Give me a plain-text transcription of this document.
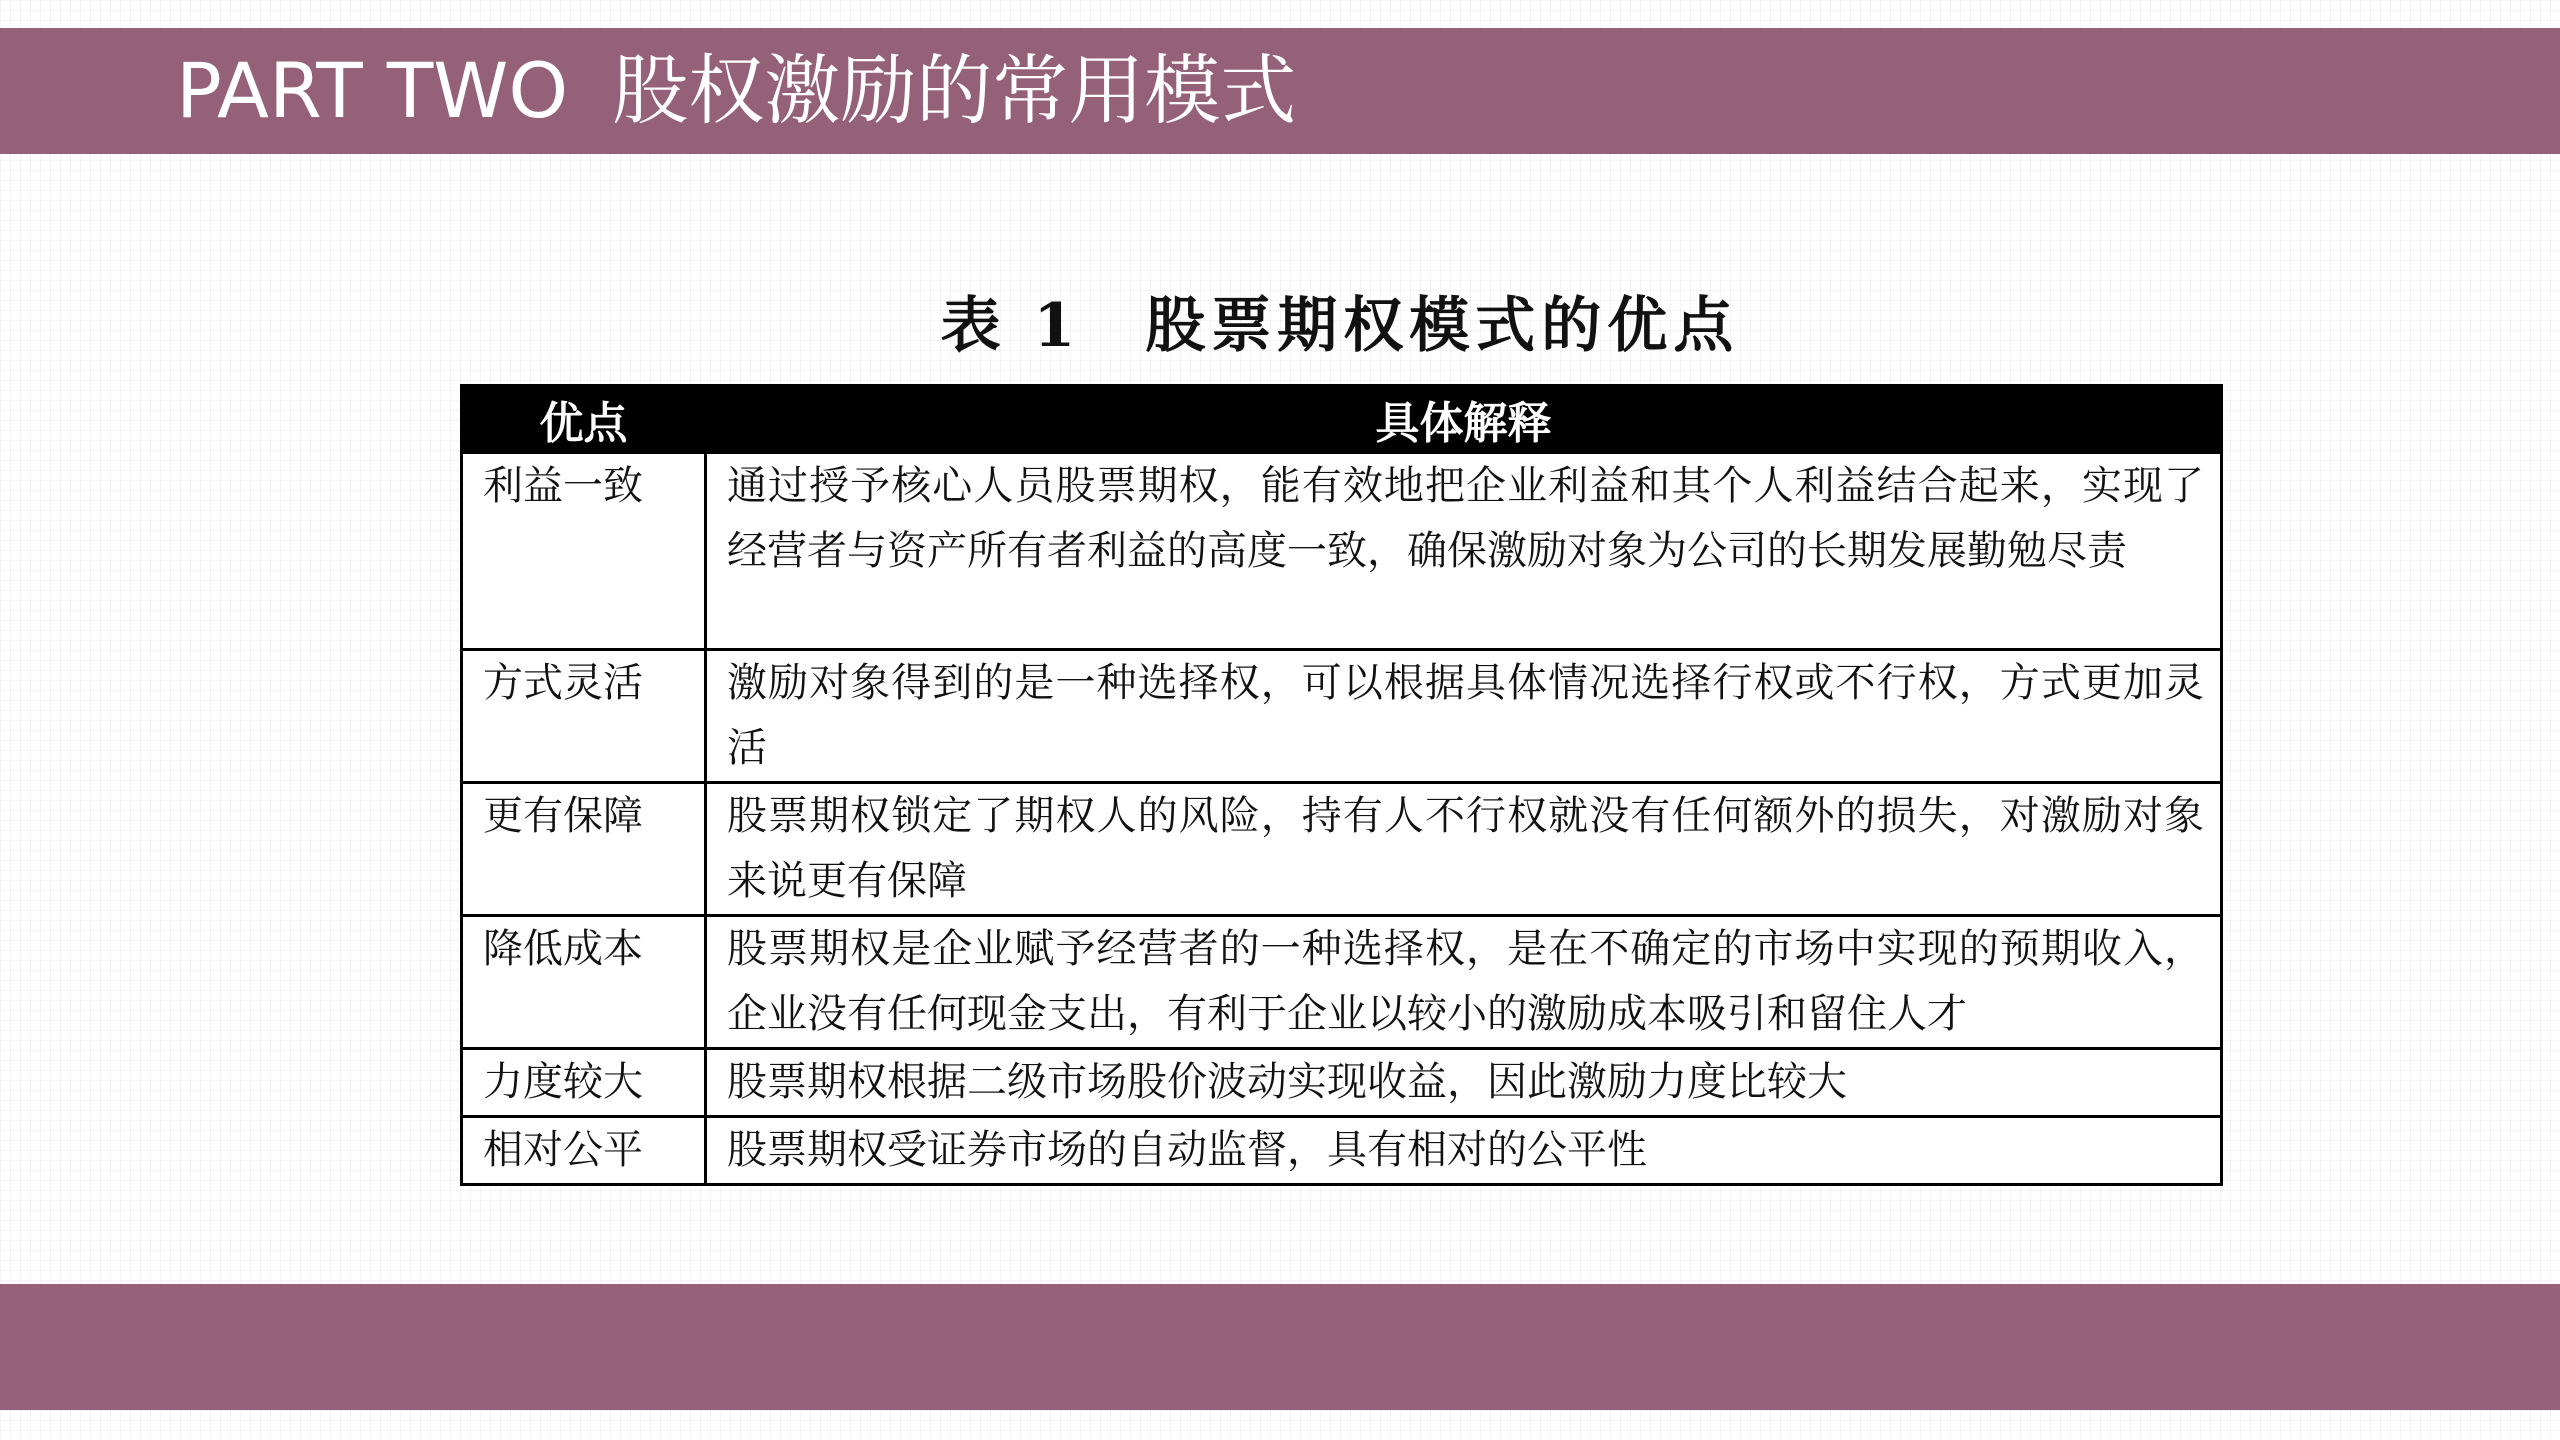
PART TWO 股权激励的常用模式
表 1 股票期权模式的优点
优点	具体解释
利益一致	通过授予核心人员股票期权，能有效地把企业利益和其个人利益结合起来，实现了经营者与资产所有者利益的高度一致，确保激励对象为公司的长期发展勤勉尽责
方式灵活	激励对象得到的是一种选择权，可以根据具体情况选择行权或不行权，方式更加灵活
更有保障	股票期权锁定了期权人的风险，持有人不行权就没有任何额外的损失，对激励对象来说更有保障
降低成本	股票期权是企业赋予经营者的一种选择权，是在不确定的市场中实现的预期收入，企业没有任何现金支出，有利于企业以较小的激励成本吸引和留住人才
力度较大	股票期权根据二级市场股价波动实现收益，因此激励力度比较大
相对公平	股票期权受证券市场的自动监督，具有相对的公平性
